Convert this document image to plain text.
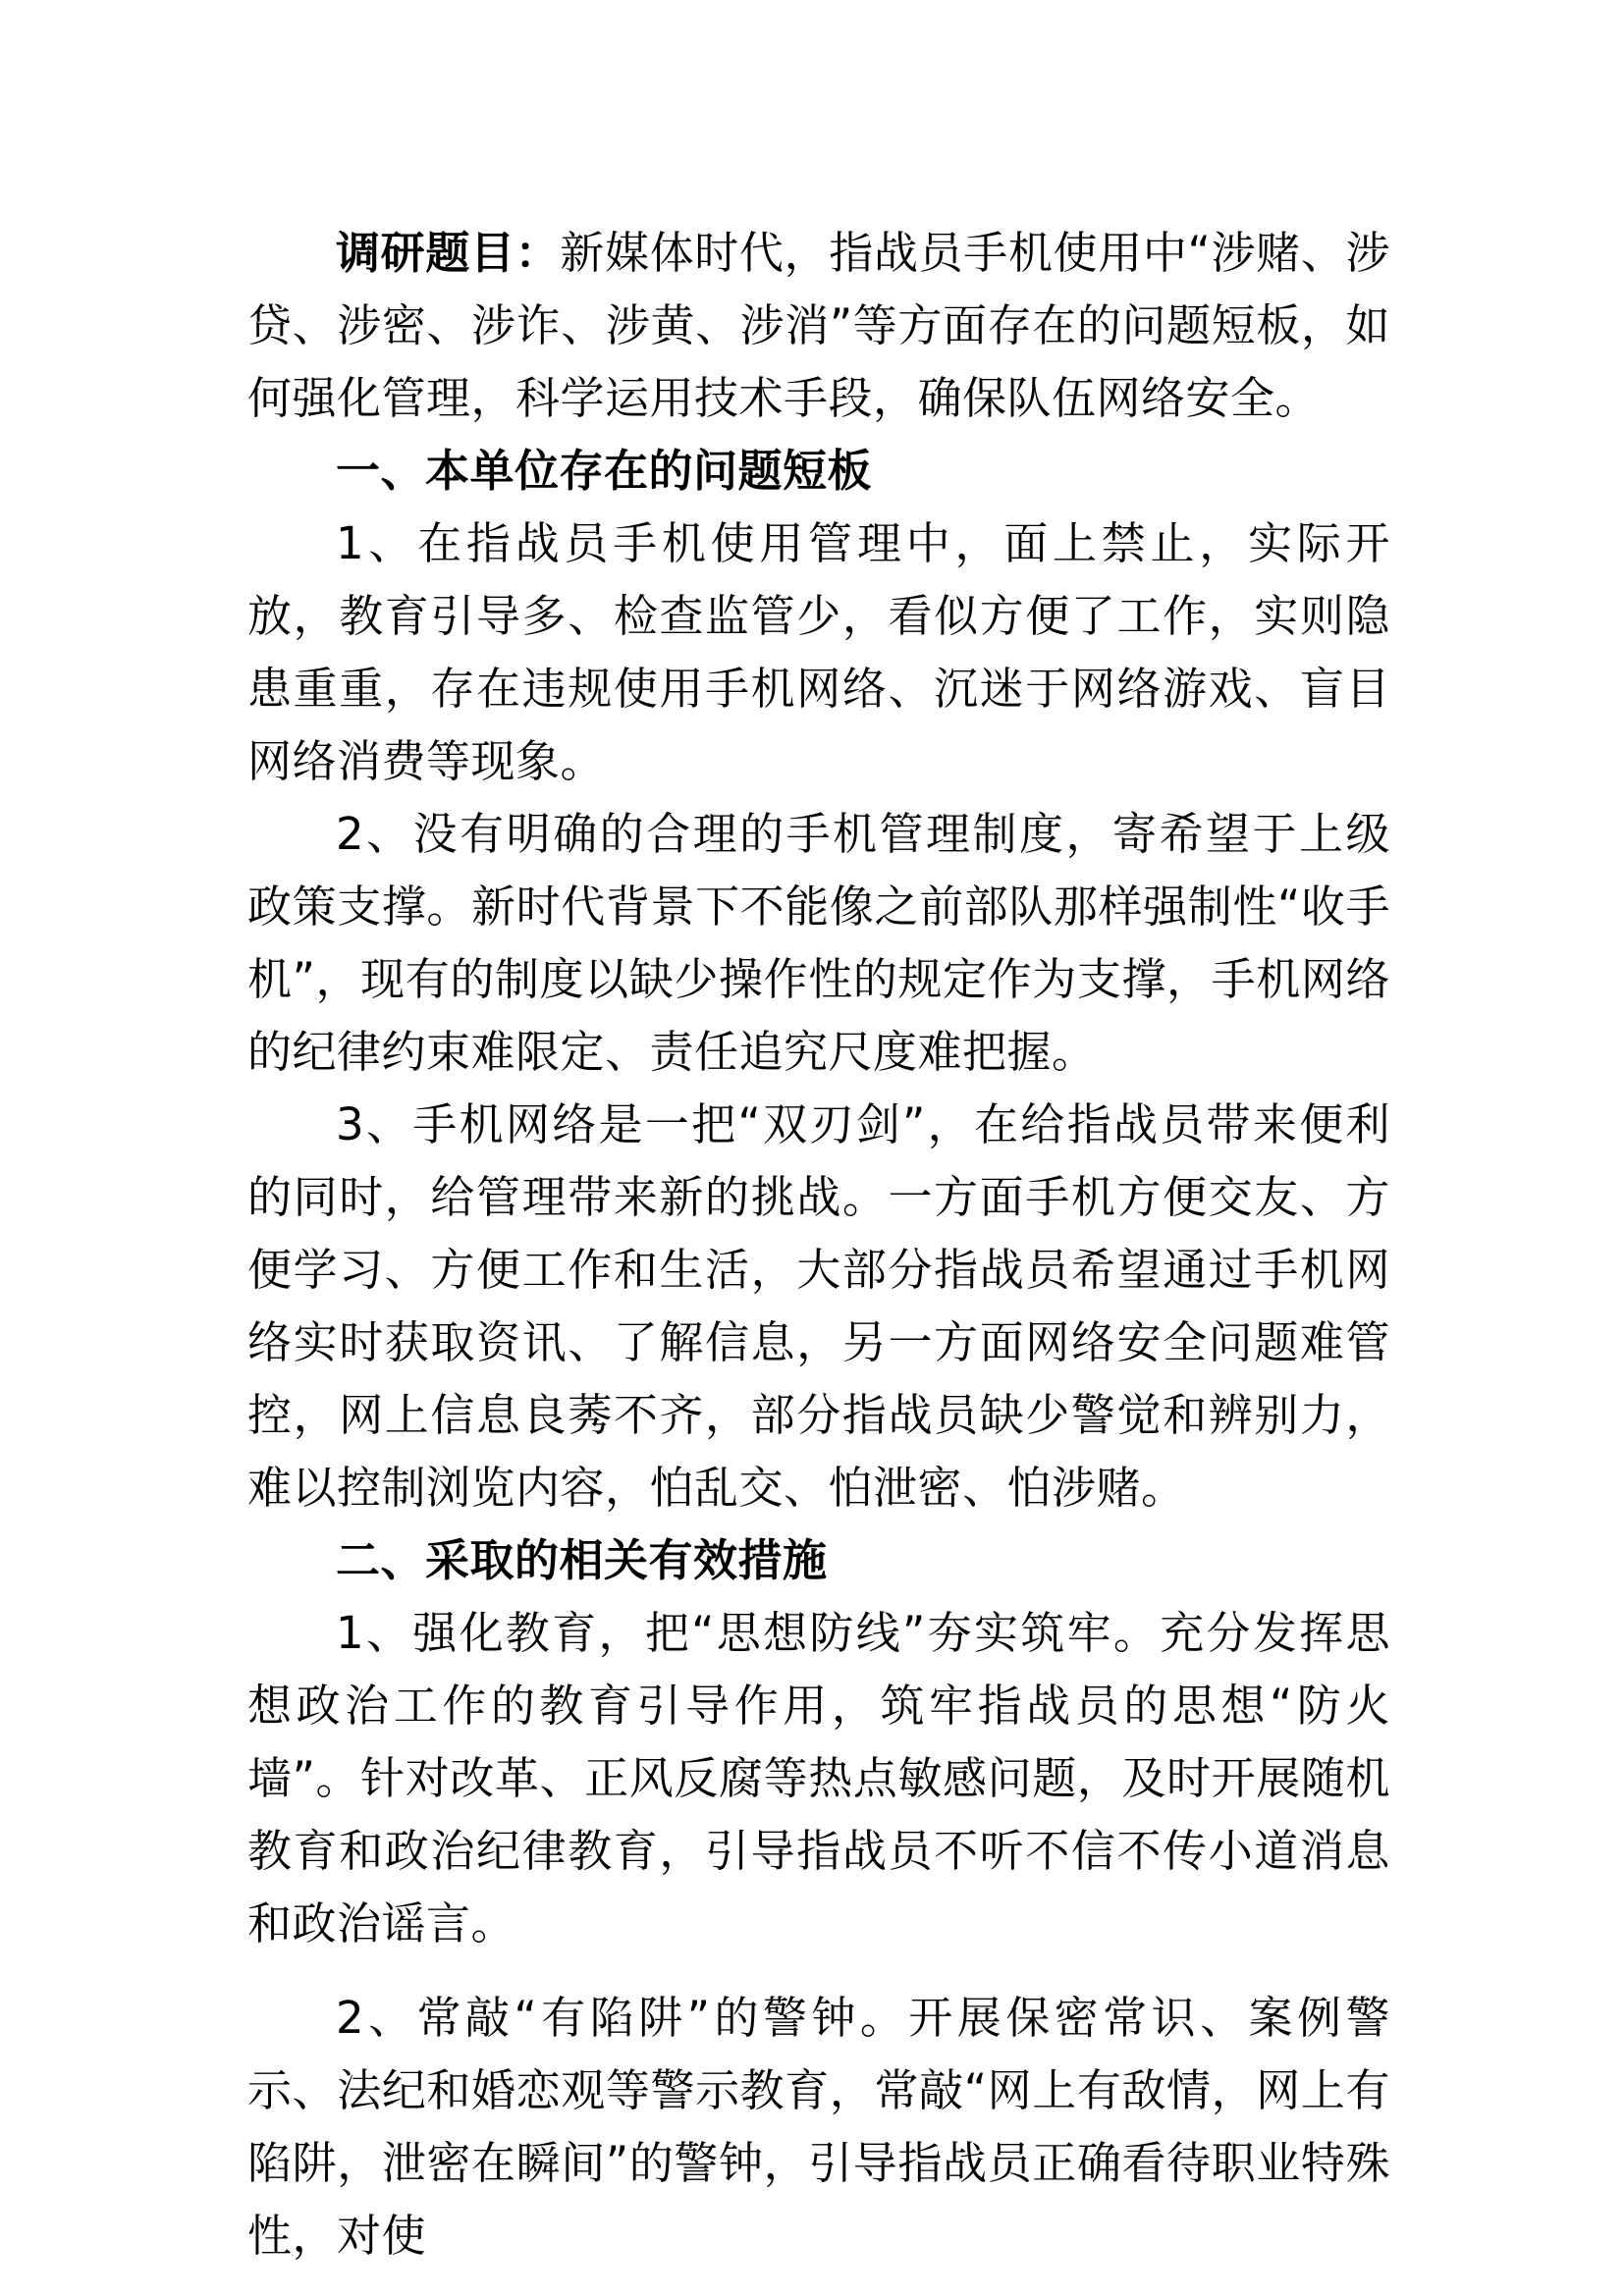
调研题目：新媒体时代，指战员手机使用中“涉赌、涉贷、涉密、涉诈、涉黄、涉消”等方面存在的问题短板，如何强化管理，科学运用技术手段，确保队伍网络安全。

一、本单位存在的问题短板

1、在指战员手机使用管理中，面上禁止，实际开放，教育引导多、检查监管少，看似方便了工作，实则隐患重重，存在违规使用手机网络、沉迷于网络游戏、盲目网络消费等现象。

2、没有明确的合理的手机管理制度，寄希望于上级政策支撑。新时代背景下不能像之前部队那样强制性“收手机”，现有的制度以缺少操作性的规定作为支撑，手机网络的纪律约束难限定、责任追究尺度难把握。

3、手机网络是一把“双刃剑”，在给指战员带来便利的同时，给管理带来新的挑战。一方面手机方便交友、方便学习、方便工作和生活，大部分指战员希望通过手机网络实时获取资讯、了解信息，另一方面网络安全问题难管控，网上信息良莠不齐，部分指战员缺少警觉和辨别力，难以控制浏览内容，怕乱交、怕泄密、怕涉赌。

二、采取的相关有效措施

1、强化教育，把“思想防线”夯实筑牢。充分发挥思想政治工作的教育引导作用，筑牢指战员的思想“防火墙”。针对改革、正风反腐等热点敏感问题，及时开展随机教育和政治纪律教育，引导指战员不听不信不传小道消息和政治谣言。

2、常敲“有陷阱”的警钟。开展保密常识、案例警示、法纪和婚恋观等警示教育，常敲“网上有敌情，网上有陷阱，泄密在瞬间”的警钟，引导指战员正确看待职业特殊性，对使
